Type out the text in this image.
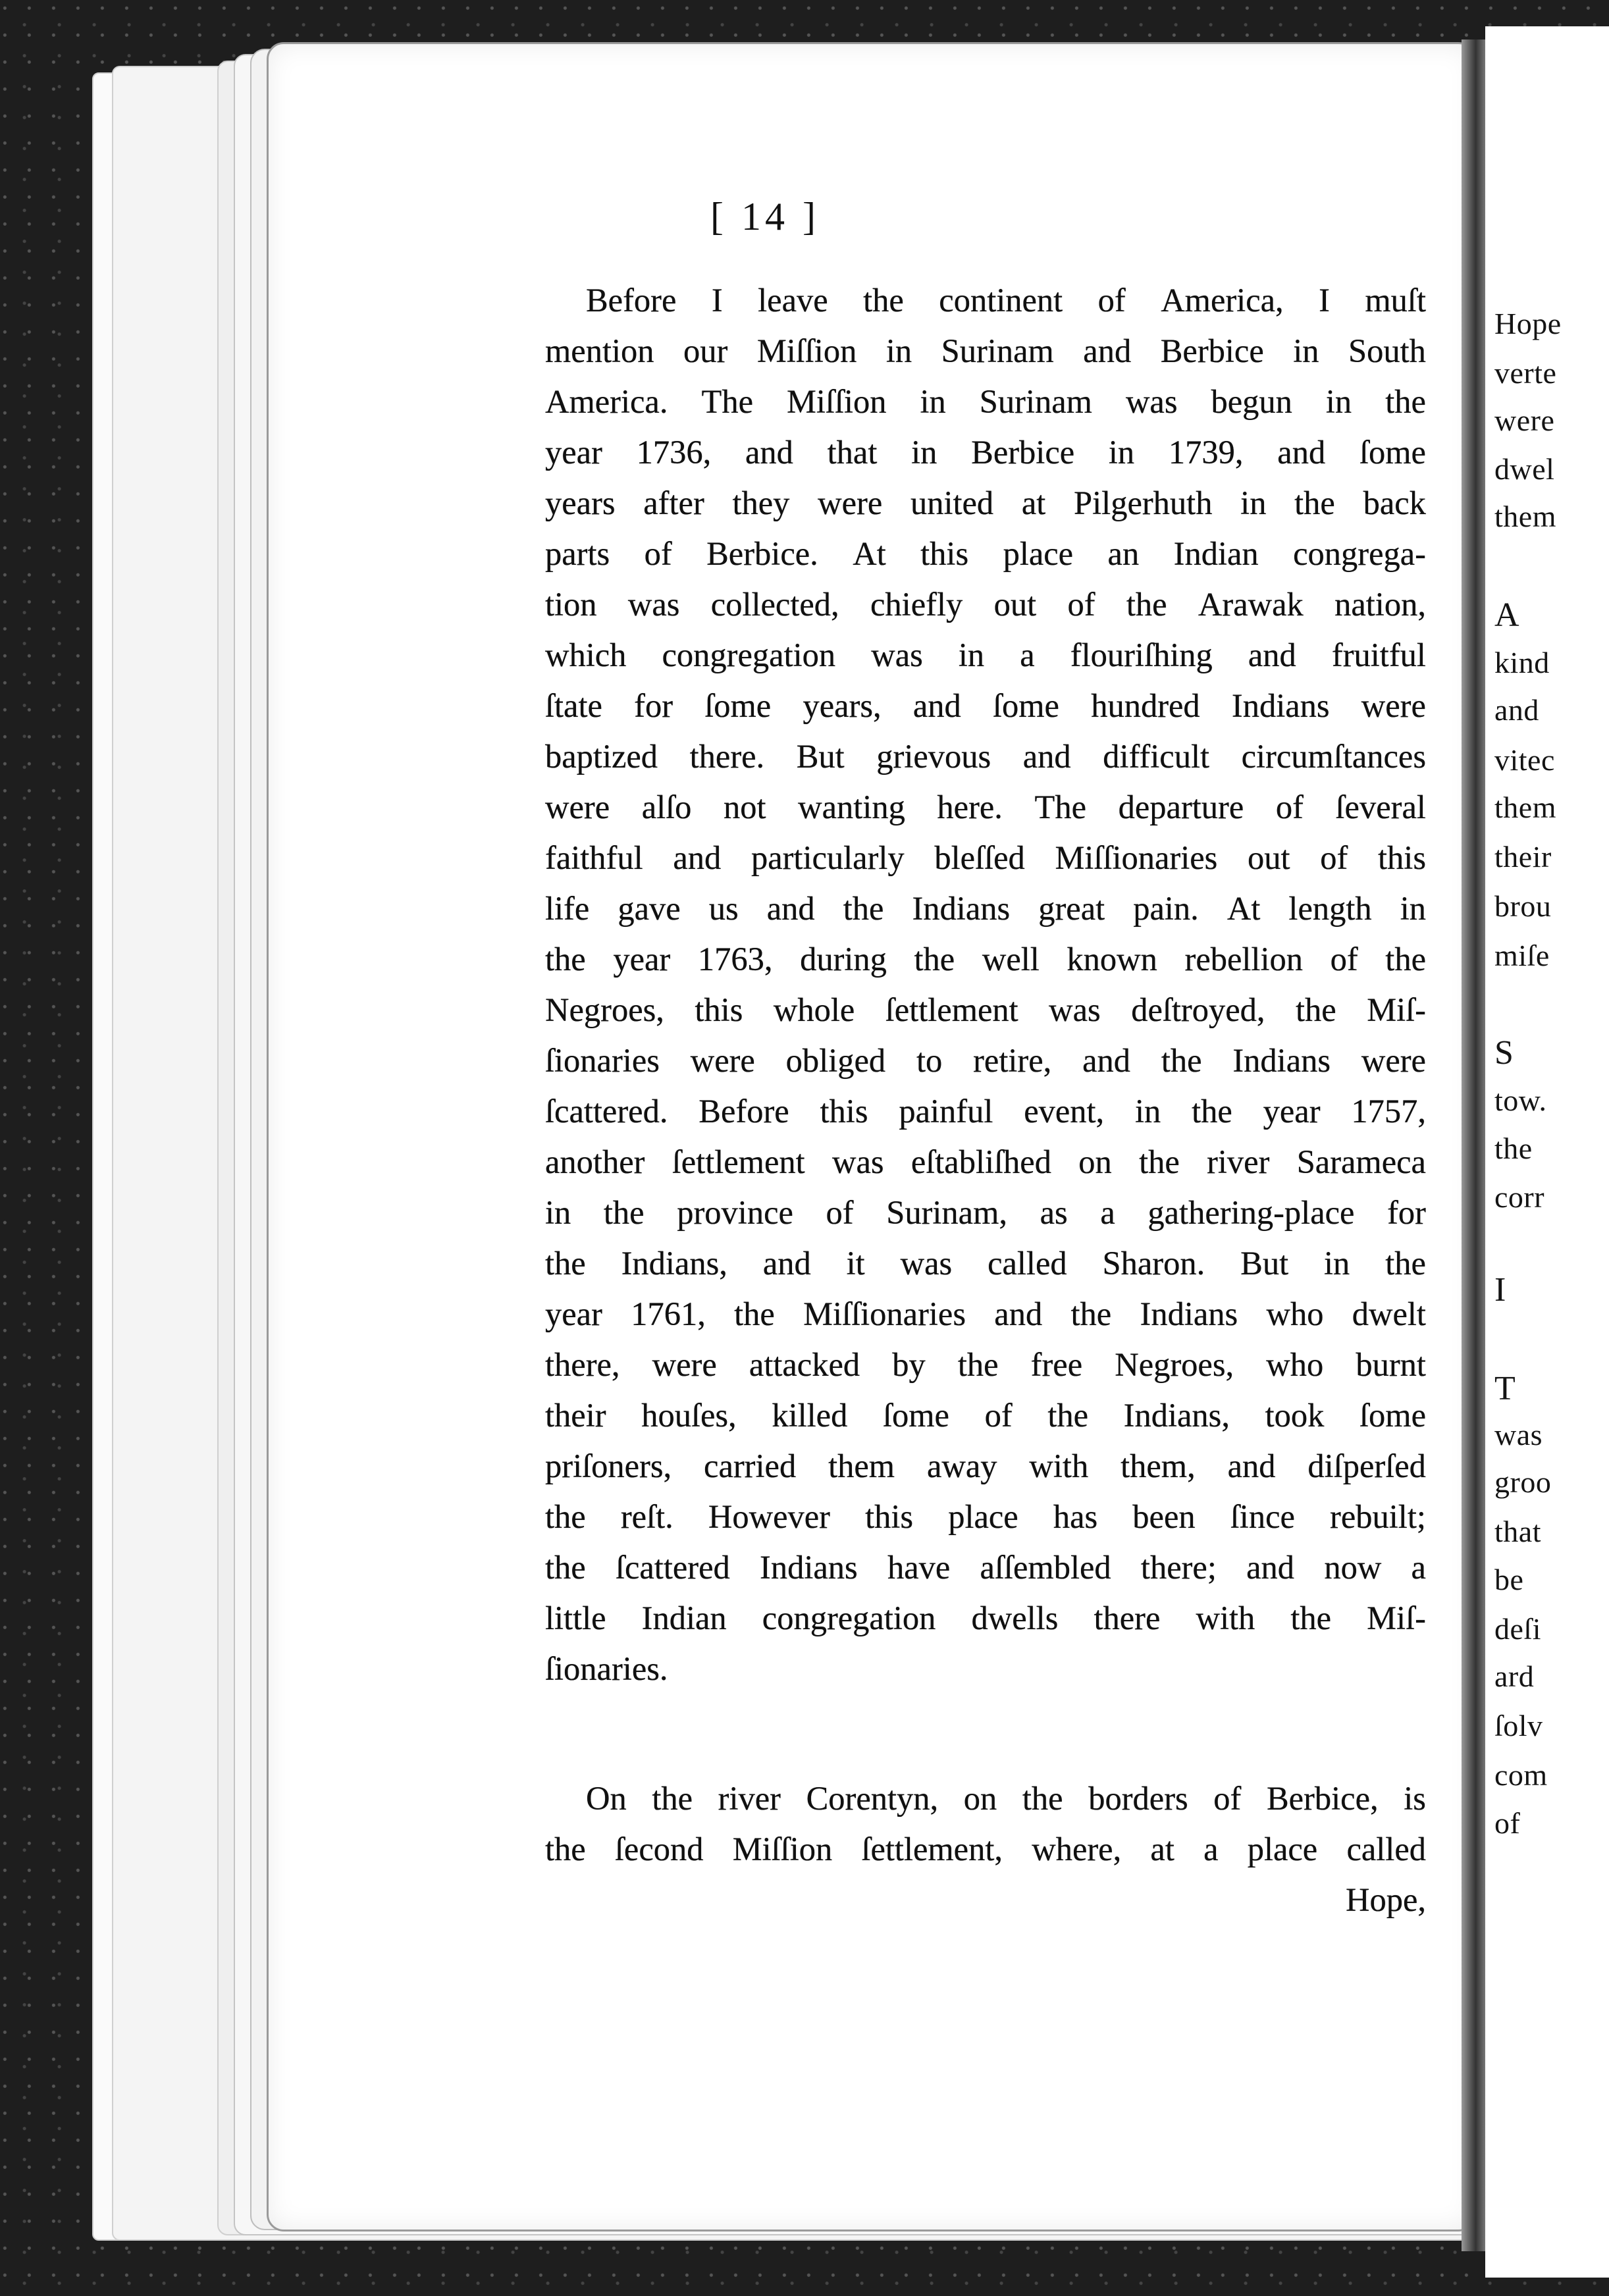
Hope
verte
were
dwel
them
A
kind
and
vitec
them
their
brou
miſe
S
tow.
the
corr
I
T
was
groo
that
be
deſi
ard
ſolv
com
of
[ 14 ]
Before I leave the continent of America, I muſt
mention our Miſſion in Surinam and Berbice in South
America. The Miſſion in Surinam was begun in the
year 1736, and that in Berbice in 1739, and ſome
years after they were united at Pilgerhuth in the back
parts of Berbice. At this place an Indian congrega-
tion was collected, chiefly out of the Arawak nation,
which congregation was in a flouriſhing and fruitful
ſtate for ſome years, and ſome hundred Indians were
baptized there. But grievous and difficult circumſtances
were alſo not wanting here. The departure of ſeveral
faithful and particularly bleſſed Miſſionaries out of this
life gave us and the Indians great pain. At length in
the year 1763, during the well known rebellion of the
Negroes, this whole ſettlement was deſtroyed, the Miſ-
ſionaries were obliged to retire, and the Indians were
ſcattered. Before this painful event, in the year 1757,
another ſettlement was eſtabliſhed on the river Sarameca
in the province of Surinam, as a gathering-place for
the Indians, and it was called Sharon. But in the
year 1761, the Miſſionaries and the Indians who dwelt
there, were attacked by the free Negroes, who burnt
their houſes, killed ſome of the Indians, took ſome
priſoners, carried them away with them, and diſperſed
the reſt. However this place has been ſince rebuilt;
the ſcattered Indians have aſſembled there; and now a
little Indian congregation dwells there with the Miſ-
ſionaries.
On the river Corentyn, on the borders of Berbice, is
the ſecond Miſſion ſettlement, where, at a place called
Hope,
